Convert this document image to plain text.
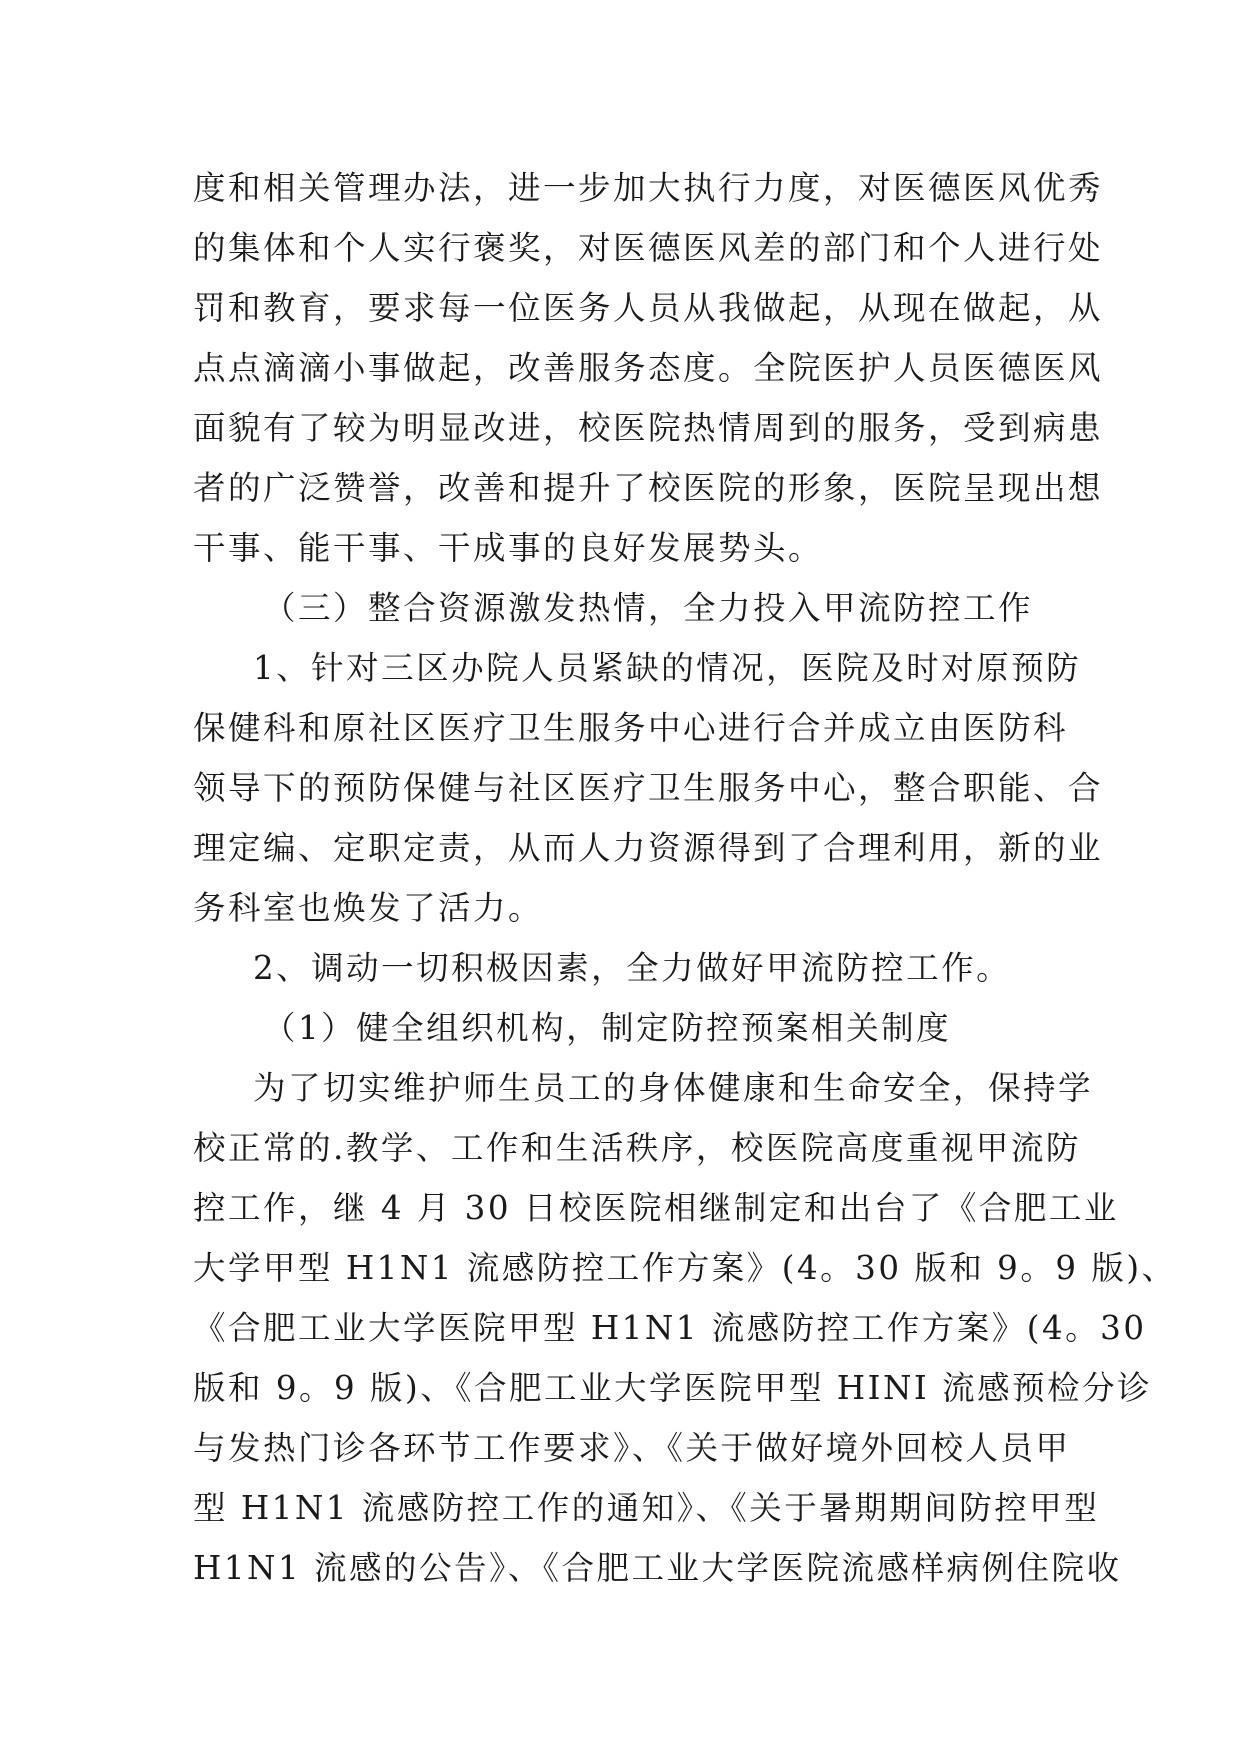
度和相关管理办法，进一步加大执行力度，对医德医风优秀
的集体和个人实行褒奖，对医德医风差的部门和个人进行处
罚和教育，要求每一位医务人员从我做起，从现在做起，从
点点滴滴小事做起，改善服务态度。全院医护人员医德医风
面貌有了较为明显改进，校医院热情周到的服务，受到病患
者的广泛赞誉，改善和提升了校医院的形象，医院呈现出想
干事、能干事、干成事的良好发展势头。
（三）整合资源激发热情，全力投入甲流防控工作
1、针对三区办院人员紧缺的情况，医院及时对原预防
保健科和原社区医疗卫生服务中心进行合并成立由医防科
领导下的预防保健与社区医疗卫生服务中心，整合职能、合
理定编、定职定责，从而人力资源得到了合理利用，新的业
务科室也焕发了活力。
2、调动一切积极因素，全力做好甲流防控工作。
（1）健全组织机构，制定防控预案相关制度
为了切实维护师生员工的身体健康和生命安全，保持学
校正常的.教学、工作和生活秩序，校医院高度重视甲流防
控工作，继 4 月 30 日校医院相继制定和出台了《合肥工业
大学甲型 H1N1 流感防控工作方案》(4。30 版和 9。9 版)、
《合肥工业大学医院甲型 H1N1 流感防控工作方案》(4。30
版和 9。9 版)、《合肥工业大学医院甲型 HINI 流感预检分诊
与发热门诊各环节工作要求》、《关于做好境外回校人员甲
型 H1N1 流感防控工作的通知》、《关于暑期期间防控甲型
H1N1 流感的公告》、《合肥工业大学医院流感样病例住院收
